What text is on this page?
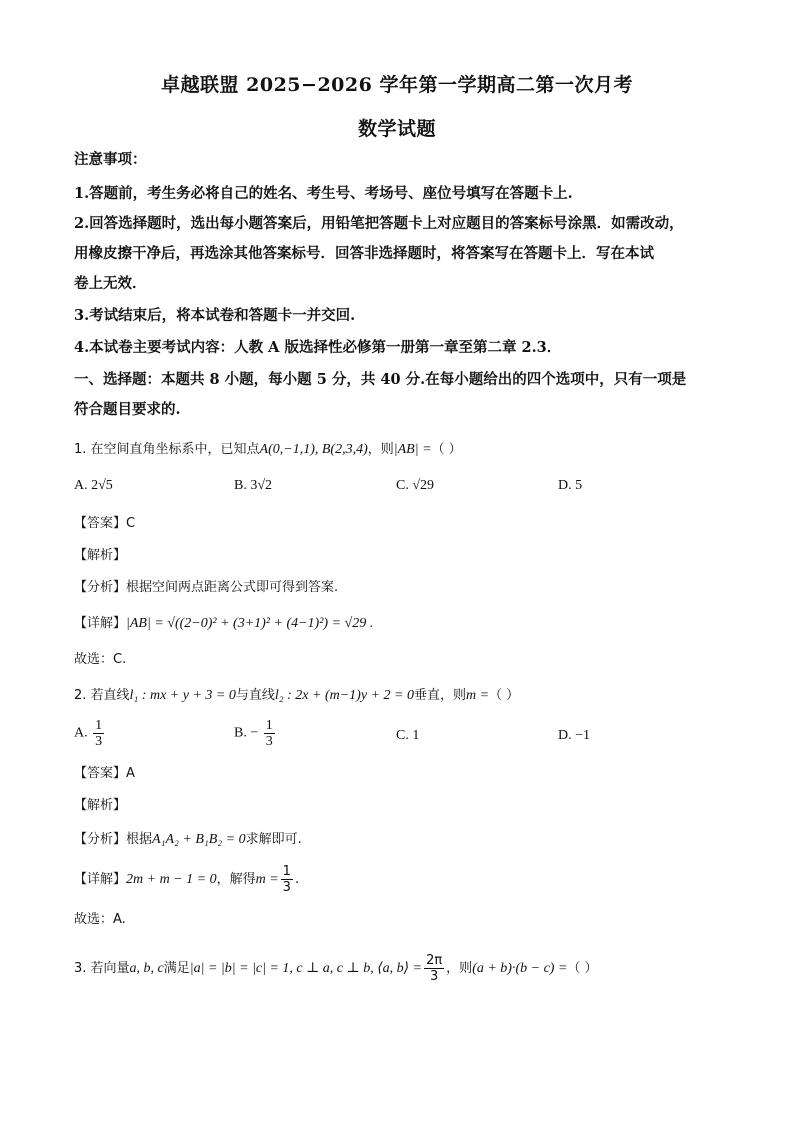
卓越联盟 2025−2026 学年第一学期高二第一次月考
数学试题
注意事项：
1.答题前，考生务必将自己的姓名、考生号、考场号、座位号填写在答题卡上.
2.回答选择题时，选出每小题答案后，用铅笔把答题卡上对应题目的答案标号涂黑．如需改动，
用橡皮擦干净后，再选涂其他答案标号．回答非选择题时，将答案写在答题卡上．写在本试
卷上无效．
3.考试结束后，将本试卷和答题卡一并交回.
4.本试卷主要考试内容：人教 A 版选择性必修第一册第一章至第二章 2.3．
一、选择题：本题共 8 小题，每小题 5 分，共 40 分.在每小题给出的四个选项中，只有一项是
符合题目要求的.
1. 在空间直角坐标系中，已知点A(0,−1,1), B(2,3,4)，则|AB| =（ ）
A. 2√5	B. 3√2	C. √29	D. 5
【答案】C
【解析】
【分析】根据空间两点距离公式即可得到答案.
【详解】|AB| = √((2−0)² + (3+1)² + (4−1)²) = √29 .
故选：C.
2. 若直线l₁ : mx + y + 3 = 0与直线l₂ : 2x + (m−1)y + 2 = 0垂直，则m =（ ）
A. $\frac{1}{3}$	B. − $\frac{1}{3}$	C. 1	D. −1
【答案】A
【解析】
【分析】根据A₁A₂ + B₁B₂ = 0求解即可.
【详解】2m + m − 1 = 0，解得$m = \frac{1}{3}$ .
故选：A.
3. 若向量a, b, c满足|a| = |b| = |c| = 1, c ⊥ a, c ⊥ b, ⟨a, b⟩ = $\frac{2\pi}{3}$ ，则(a + b)·(b − c) =（ ）
